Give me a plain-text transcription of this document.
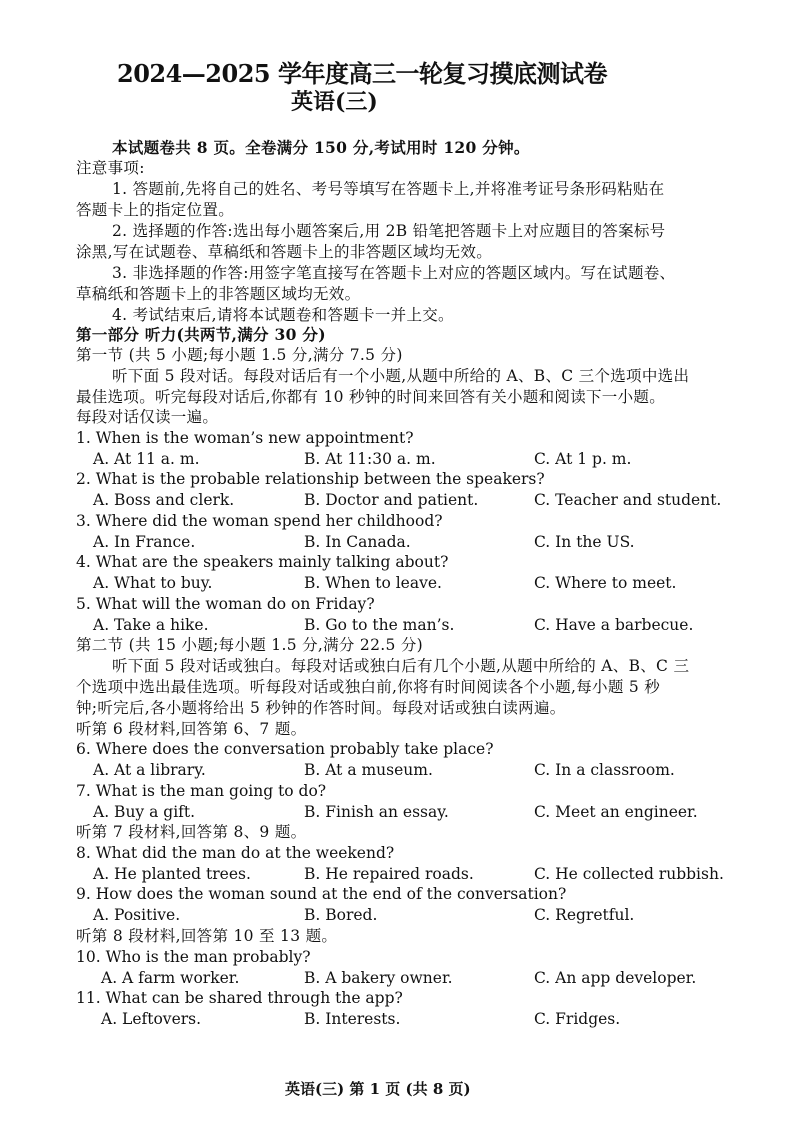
2024—2025 学年度高三一轮复习摸底测试卷
英语(三)
本试题卷共 8 页。全卷满分 150 分,考试用时 120 分钟。
注意事项:
1. 答题前,先将自己的姓名、考号等填写在答题卡上,并将准考证号条形码粘贴在
答题卡上的指定位置。
2. 选择题的作答:选出每小题答案后,用 2B 铅笔把答题卡上对应题目的答案标号
涂黑,写在试题卷、草稿纸和答题卡上的非答题区域均无效。
3. 非选择题的作答:用签字笔直接写在答题卡上对应的答题区域内。写在试题卷、
草稿纸和答题卡上的非答题区域均无效。
4. 考试结束后,请将本试题卷和答题卡一并上交。
第一部分 听力(共两节,满分 30 分)
第一节 (共 5 小题;每小题 1.5 分,满分 7.5 分)
听下面 5 段对话。每段对话后有一个小题,从题中所给的 A、B、C 三个选项中选出
最佳选项。听完每段对话后,你都有 10 秒钟的时间来回答有关小题和阅读下一小题。
每段对话仅读一遍。
1. When is the woman’s new appointment?
A. At 11 a. m.	B. At 11:30 a. m.	C. At 1 p. m.
2. What is the probable relationship between the speakers?
A. Boss and clerk.	B. Doctor and patient.	C. Teacher and student.
3. Where did the woman spend her childhood?
A. In France.	B. In Canada.	C. In the US.
4. What are the speakers mainly talking about?
A. What to buy.	B. When to leave.	C. Where to meet.
5. What will the woman do on Friday?
A. Take a hike.	B. Go to the man’s.	C. Have a barbecue.
第二节 (共 15 小题;每小题 1.5 分,满分 22.5 分)
听下面 5 段对话或独白。每段对话或独白后有几个小题,从题中所给的 A、B、C 三
个选项中选出最佳选项。听每段对话或独白前,你将有时间阅读各个小题,每小题 5 秒
钟;听完后,各小题将给出 5 秒钟的作答时间。每段对话或独白读两遍。
听第 6 段材料,回答第 6、7 题。
6. Where does the conversation probably take place?
A. At a library.	B. At a museum.	C. In a classroom.
7. What is the man going to do?
A. Buy a gift.	B. Finish an essay.	C. Meet an engineer.
听第 7 段材料,回答第 8、9 题。
8. What did the man do at the weekend?
A. He planted trees.	B. He repaired roads.	C. He collected rubbish.
9. How does the woman sound at the end of the conversation?
A. Positive.	B. Bored.	C. Regretful.
听第 8 段材料,回答第 10 至 13 题。
10. Who is the man probably?
A. A farm worker.	B. A bakery owner.	C. An app developer.
11. What can be shared through the app?
A. Leftovers.	B. Interests.	C. Fridges.
英语(三) 第 1 页 (共 8 页)
